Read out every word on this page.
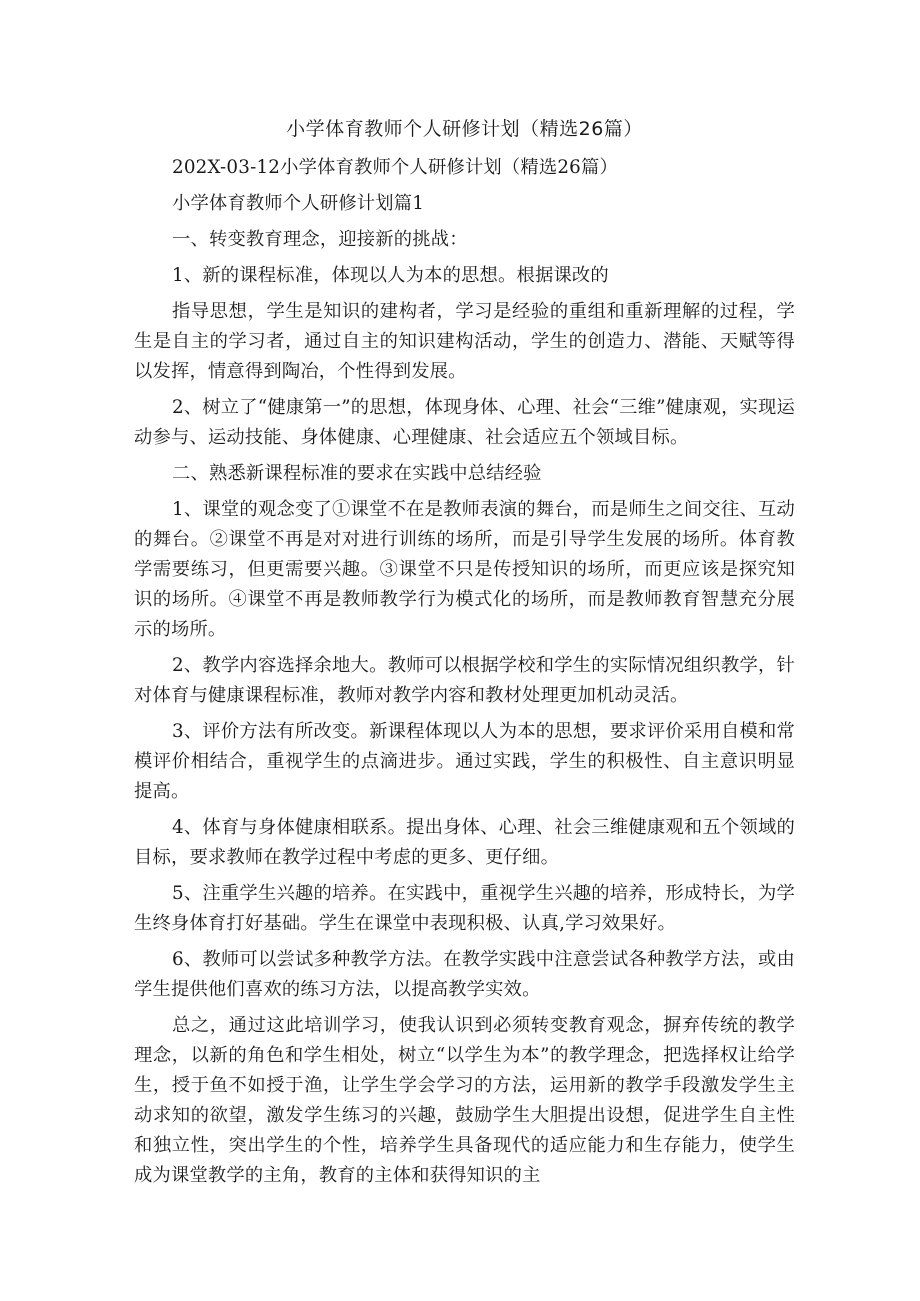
小学体育教师个人研修计划（精选26篇）

202X-03-12小学体育教师个人研修计划（精选26篇）

小学体育教师个人研修计划篇1

一、转变教育理念，迎接新的挑战：

1、新的课程标准，体现以人为本的思想。根据课改的

指导思想，学生是知识的建构者，学习是经验的重组和重新理解的过程，学生是自主的学习者，通过自主的知识建构活动，学生的创造力、潜能、天赋等得以发挥，情意得到陶冶，个性得到发展。

2、树立了“健康第一”的思想，体现身体、心理、社会“三维”健康观，实现运动参与、运动技能、身体健康、心理健康、社会适应五个领域目标。

二、熟悉新课程标准的要求在实践中总结经验

1、课堂的观念变了①课堂不在是教师表演的舞台，而是师生之间交往、互动的舞台。②课堂不再是对对进行训练的场所，而是引导学生发展的场所。体育教学需要练习，但更需要兴趣。③课堂不只是传授知识的场所，而更应该是探究知识的场所。④课堂不再是教师教学行为模式化的场所，而是教师教育智慧充分展示的场所。

2、教学内容选择余地大。教师可以根据学校和学生的实际情况组织教学，针对体育与健康课程标准，教师对教学内容和教材处理更加机动灵活。

3、评价方法有所改变。新课程体现以人为本的思想，要求评价采用自模和常模评价相结合，重视学生的点滴进步。通过实践，学生的积极性、自主意识明显提高。

4、体育与身体健康相联系。提出身体、心理、社会三维健康观和五个领域的目标，要求教师在教学过程中考虑的更多、更仔细。

5、注重学生兴趣的培养。在实践中，重视学生兴趣的培养，形成特长，为学生终身体育打好基础。学生在课堂中表现积极、认真,学习效果好。

6、教师可以尝试多种教学方法。在教学实践中注意尝试各种教学方法，或由学生提供他们喜欢的练习方法，以提高教学实效。

总之，通过这此培训学习，使我认识到必须转变教育观念，摒弃传统的教学理念，以新的角色和学生相处，树立“以学生为本”的教学理念，把选择权让给学生，授于鱼不如授于渔，让学生学会学习的方法，运用新的教学手段激发学生主动求知的欲望，激发学生练习的兴趣，鼓励学生大胆提出设想，促进学生自主性和独立性，突出学生的个性，培养学生具备现代的适应能力和生存能力，使学生成为课堂教学的主角，教育的主体和获得知识的主
